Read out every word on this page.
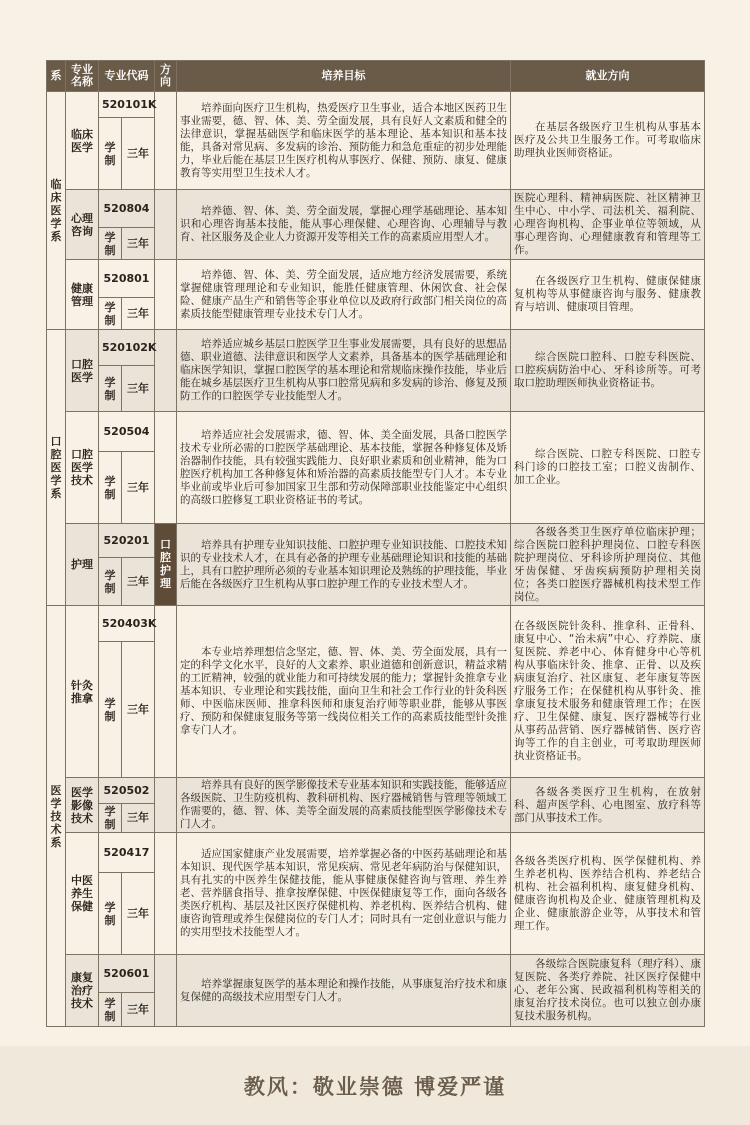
系	专业名称	专业代码		方向	培养目标	就业方向
临床医学系	临床医学	520101K			培养面向医疗卫生机构，热爱医疗卫生事业，适合本地区医药卫生事业需要，德、智、体、美、劳全面发展，具有良好人文素质和健全的法律意识，掌握基础医学和临床医学的基本理论、基本知识和基本技能，具备对常见病、多发病的诊治、预防能力和急危重症的初步处理能力，毕业后能在基层卫生医疗机构从事医疗、保健、预防、康复、健康教育等实用型卫生技术人才。	在基层各级医疗卫生机构从事基本医疗及公共卫生服务工作。可考取临床助理执业医师资格证。
		学制	三年			
	心理咨询	520804			培养德、智、体、美、劳全面发展，掌握心理学基础理论、基本知识和心理咨询基本技能，能从事心理保健、心理咨询、心理辅导与教育、社区服务及企业人力资源开发等相关工作的高素质应用型人才。	医院心理科、精神病医院、社区精神卫生中心、中小学、司法机关、福利院、心理咨询机构、企事业单位等领域，从事心理咨询、心理健康教育和管理等工作。
		学制	三年			
	健康管理	520801			培养德、智、体、美、劳全面发展，适应地方经济发展需要，系统掌握健康管理理论和专业知识，能胜任健康管理、休闲饮食、社会保险、健康产品生产和销售等企事业单位以及政府行政部门相关岗位的高素质技能型健康管理专业技术专门人才。	在各级医疗卫生机构、健康保健康复机构等从事健康咨询与服务、健康教育与培训、健康项目管理。
		学制	三年			
口腔医学系	口腔医学	520102K			培养适应城乡基层口腔医学卫生事业发展需要，具有良好的思想品德、职业道德、法律意识和医学人文素养，具备基本的医学基础理论和临床医学知识，掌握口腔医学的基本理论和常规临床操作技能，毕业后能在城乡基层医疗卫生机构从事口腔常见病和多发病的诊治、修复及预防工作的口腔医学专业技能型人才。	综合医院口腔科、口腔专科医院、口腔疾病防治中心、牙科诊所等。可考取口腔助理医师执业资格证书。
		学制	三年			
	口腔医学技术	520504			培养适应社会发展需求，德、智、体、美全面发展，具备口腔医学技术专业所必需的口腔医学基础理论、基本技能，掌握各种修复体及矫治器制作技能，具有较强实践能力、良好职业素质和创业精神，能为口腔医疗机构加工各种修复体和矫治器的高素质技能型专门人才。本专业毕业前或毕业后可参加国家卫生部和劳动保障部职业技能鉴定中心组织的高级口腔修复工职业资格证书的考试。	综合医院、口腔专科医院、口腔专科门诊的口腔技工室；口腔义齿制作、加工企业。
		学制	三年			
	护理	520201		口腔护理	培养具有护理专业知识技能、口腔护理专业知识技能、口腔技术知识的专业技术人才，在具有必备的护理专业基础理论知识和技能的基础上，具有口腔护理所必须的专业基本知识理论及熟练的护理技能，毕业后能在各级医疗卫生机构从事口腔护理工作的专业技术型人才。	各级各类卫生医疗单位临床护理；综合医院口腔科护理岗位、口腔专科医院护理岗位、牙科诊所护理岗位、其他牙齿保健、牙齿疾病预防护理相关岗位；各类口腔医疗器械机构技术型工作岗位。
		学制	三年			
医学技术系	针灸推拿	520403K			本专业培养理想信念坚定，德、智、体、美、劳全面发展，具有一定的科学文化水平，良好的人文素养、职业道德和创新意识，精益求精的工匠精神，较强的就业能力和可持续发展的能力；掌握针灸推拿专业基本知识、专业理论和实践技能，面向卫生和社会工作行业的针灸科医师、中医临床医师、推拿科医师和康复治疗师等职业群，能够从事医疗、预防和保健康复服务等第一线岗位相关工作的高素质技能型针灸推拿专门人才。	在各级医院针灸科、推拿科、正骨科、康复中心、“治未病”中心、疗养院、康复医院、养老中心、体育健身中心等机构从事临床针灸、推拿、正骨、以及疾病康复治疗、社区康复、老年康复等医疗服务工作；在保健机构从事针灸、推拿康复技术服务和健康管理工作；在医疗、卫生保健、康复、医疗器械等行业从事药品营销、医疗器械销售、医疗咨询等工作的自主创业，可考取助理医师执业资格证书。
		学制	三年			
	医学影像技术	520502			培养具有良好的医学影像技术专业基本知识和实践技能，能够适应各级医院、卫生防疫机构、教科研机构、医疗器械销售与管理等领域工作需要的，德、智、体、美等全面发展的高素质技能型医学影像技术专门人才。	各级各类医疗卫生机构，在放射科、超声医学科、心电图室、放疗科等部门从事技术工作。
		学制	三年			
	中医养生保健	520417			适应国家健康产业发展需要，培养掌握必备的中医药基础理论和基本知识、现代医学基本知识，常见疾病、常见老年病防治与保健知识，具有扎实的中医养生保健技能，能从事健康保健咨询与管理、养生养老、营养膳食指导、推拿按摩保健、中医保健康复等工作，面向各级各类医疗机构、基层及社区医疗保健机构、养老机构、医养结合机构、健康咨询管理或养生保健岗位的专门人才；同时具有一定创业意识与能力的实用型技术技能型人才。	各级各类医疗机构、医学保健机构、养生养老机构、医养结合机构、养老结合机构、社会福利机构、康复健身机构、健康咨询机构及企业、健康管理机构及企业、健康旅游企业等，从事技术和管理工作。
		学制	三年			
	康复治疗技术	520601			培养掌握康复医学的基本理论和操作技能，从事康复治疗技术和康复保健的高级技术应用型专门人才。	各级综合医院康复科（理疗科）、康复医院、各类疗养院、社区医疗保健中心、老年公寓、民政福利机构等相关的康复治疗技术岗位。也可以独立创办康复技术服务机构。
		学制	三年			
教风：敬业崇德 博爱严谨
